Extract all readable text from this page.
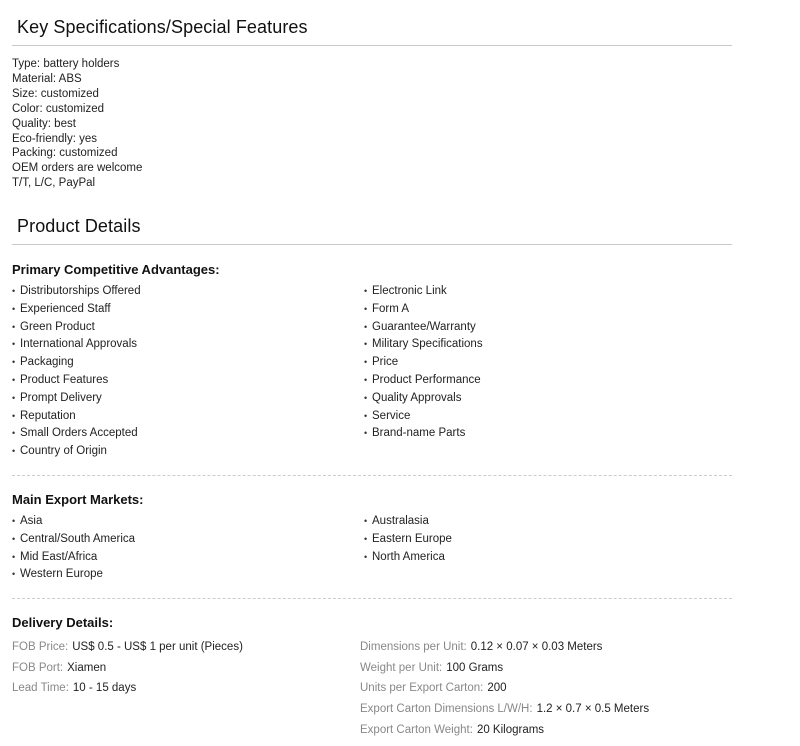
Key Specifications/Special Features
Type: battery holders
Material: ABS
Size: customized
Color: customized
Quality: best
Eco-friendly: yes
Packing: customized
OEM orders are welcome
T/T, L/C, PayPal
Product Details
Primary Competitive Advantages:
• Distributorships Offered
• Experienced Staff
• Green Product
• International Approvals
• Packaging
• Product Features
• Prompt Delivery
• Reputation
• Small Orders Accepted
• Country of Origin
• Electronic Link
• Form A
• Guarantee/Warranty
• Military Specifications
• Price
• Product Performance
• Quality Approvals
• Service
• Brand-name Parts
Main Export Markets:
• Asia
• Central/South America
• Mid East/Africa
• Western Europe
• Australasia
• Eastern Europe
• North America
Delivery Details:
FOB Price: US$ 0.5 - US$ 1 per unit (Pieces)
FOB Port: Xiamen
Lead Time: 10 - 15 days
Dimensions per Unit: 0.12 × 0.07 × 0.03 Meters
Weight per Unit: 100 Grams
Units per Export Carton: 200
Export Carton Dimensions L/W/H: 1.2 × 0.7 × 0.5 Meters
Export Carton Weight: 20 Kilograms
